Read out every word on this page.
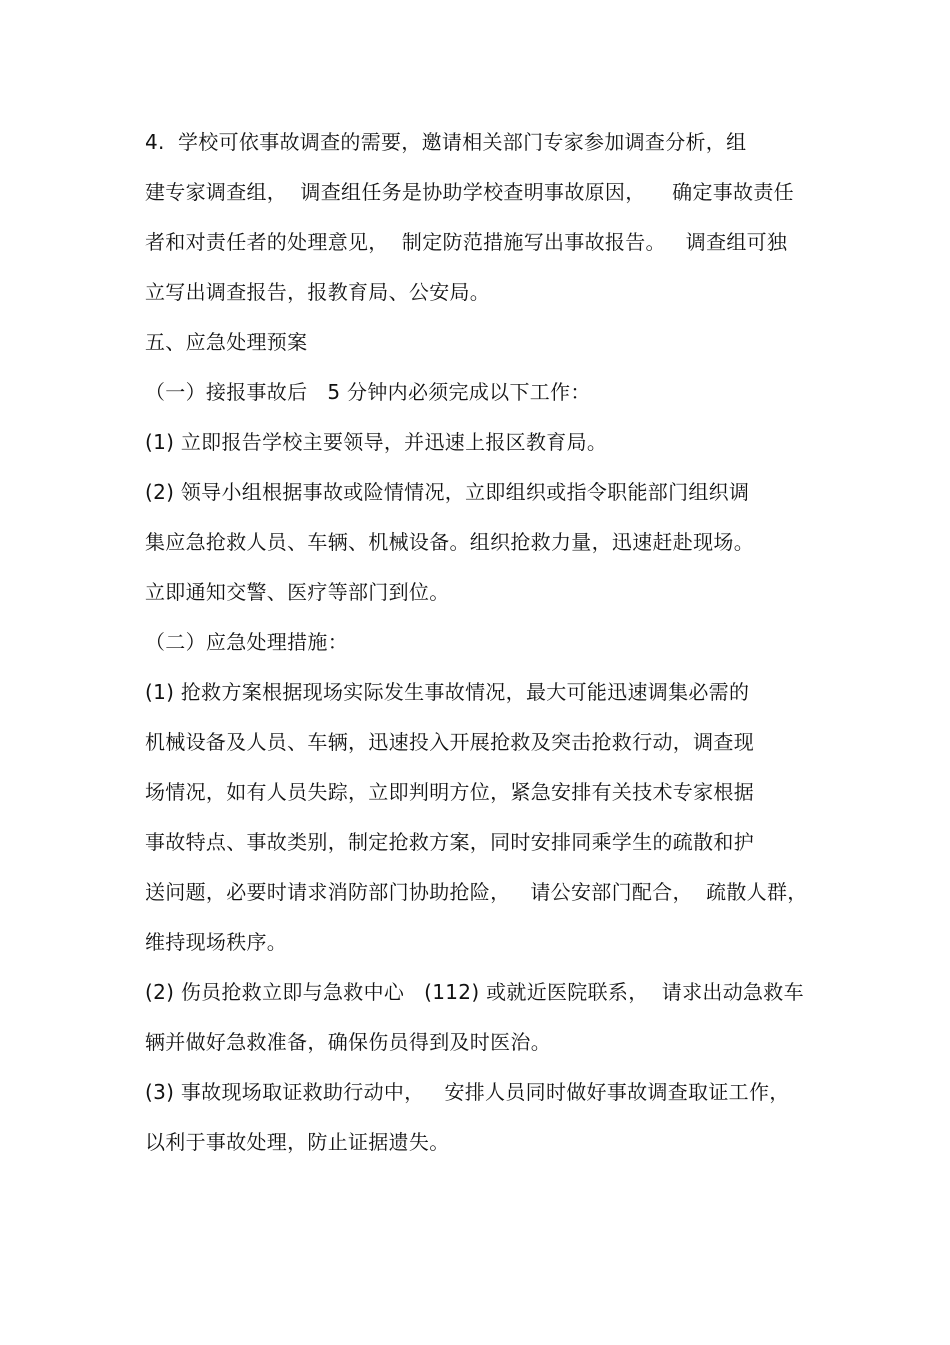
4.  学校可依事故调查的需要，邀请相关部门专家参加调查分析，组
建专家调查组，  调查组任务是协助学校查明事故原因，    确定事故责任
者和对责任者的处理意见，  制定防范措施写出事故报告。   调查组可独
立写出调查报告，报教育局、公安局。
五、应急处理预案
（一）接报事故后   5 分钟内必须完成以下工作：
(1) 立即报告学校主要领导，并迅速上报区教育局。
(2) 领导小组根据事故或险情情况，立即组织或指令职能部门组织调
集应急抢救人员、车辆、机械设备。组织抢救力量，迅速赶赴现场。
立即通知交警、医疗等部门到位。
（二）应急处理措施：
(1) 抢救方案根据现场实际发生事故情况，最大可能迅速调集必需的
机械设备及人员、车辆，迅速投入开展抢救及突击抢救行动，调查现
场情况，如有人员失踪，立即判明方位，紧急安排有关技术专家根据
事故特点、事故类别，制定抢救方案，同时安排同乘学生的疏散和护
送问题，必要时请求消防部门协助抢险，   请公安部门配合，  疏散人群，
维持现场秩序。
(2) 伤员抢救立即与急救中心   (112) 或就近医院联系，  请求出动急救车
辆并做好急救准备，确保伤员得到及时医治。
(3) 事故现场取证救助行动中，   安排人员同时做好事故调查取证工作，
以利于事故处理，防止证据遗失。
